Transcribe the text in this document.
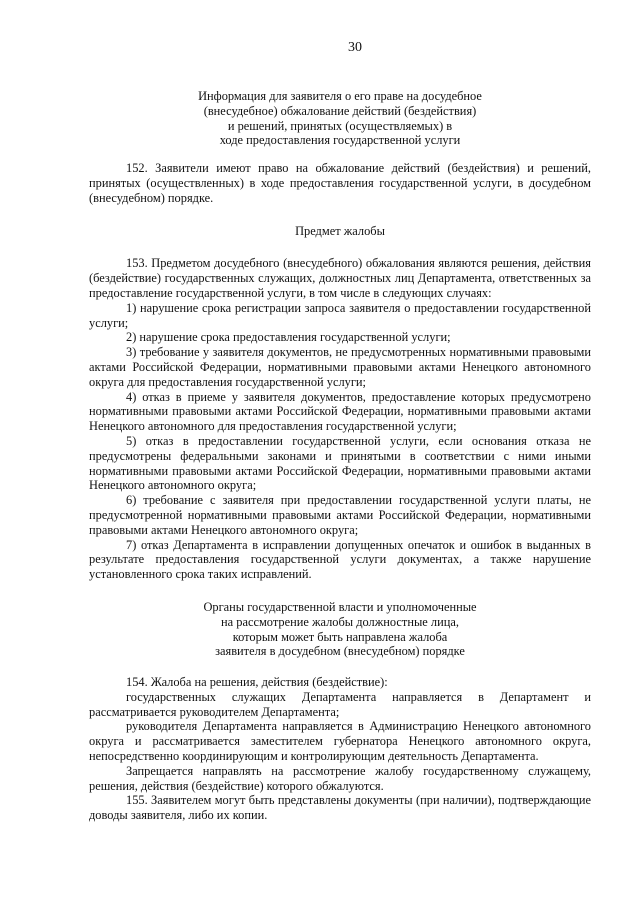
30
Информация для заявителя о его праве на досудебное
(внесудебное) обжалование действий (бездействия)
и решений, принятых (осуществляемых) в
ходе предоставления государственной услуги

152. Заявители имеют право на обжалование действий (бездействия) и решений, принятых (осуществленных) в ходе предоставления государственной услуги, в досудебном (внесудебном) порядке.

Предмет жалобы

153. Предметом досудебного (внесудебного) обжалования являются решения, действия (бездействие) государственных служащих, должностных лиц Департамента, ответственных за предоставление государственной услуги, в том числе в следующих случаях:

1) нарушение срока регистрации запроса заявителя о предоставлении государственной услуги;

2) нарушение срока предоставления государственной услуги;

3) требование у заявителя документов, не предусмотренных нормативными правовыми актами Российской Федерации, нормативными правовыми актами Ненецкого автономного округа для предоставления государственной услуги;

4) отказ в приеме у заявителя документов, предоставление которых предусмотрено нормативными правовыми актами Российской Федерации, нормативными правовыми актами Ненецкого автономного для предоставления государственной услуги;

5) отказ в предоставлении государственной услуги, если основания отказа не предусмотрены федеральными законами и принятыми в соответствии с ними иными нормативными правовыми актами Российской Федерации, нормативными правовыми актами Ненецкого автономного округа;

6) требование с заявителя при предоставлении государственной услуги платы, не предусмотренной нормативными правовыми актами Российской Федерации, нормативными правовыми актами Ненецкого автономного округа;

7) отказ Департамента в исправлении допущенных опечаток и ошибок в выданных в результате предоставления государственной услуги документах, а также нарушение установленного срока таких исправлений.

Органы государственной власти и уполномоченные
на рассмотрение жалобы должностные лица,
которым может быть направлена жалоба
заявителя в досудебном (внесудебном) порядке

154. Жалоба на решения, действия (бездействие):

государственных служащих Департамента направляется в Департамент и рассматривается руководителем Департамента;

руководителя Департамента направляется в Администрацию Ненецкого автономного округа и рассматривается заместителем губернатора Ненецкого автономного округа, непосредственно координирующим и контролирующим деятельность Департамента.

Запрещается направлять на рассмотрение жалобу государственному служащему, решения, действия (бездействие) которого обжалуются.

155. Заявителем могут быть представлены документы (при наличии), подтверждающие доводы заявителя, либо их копии.
